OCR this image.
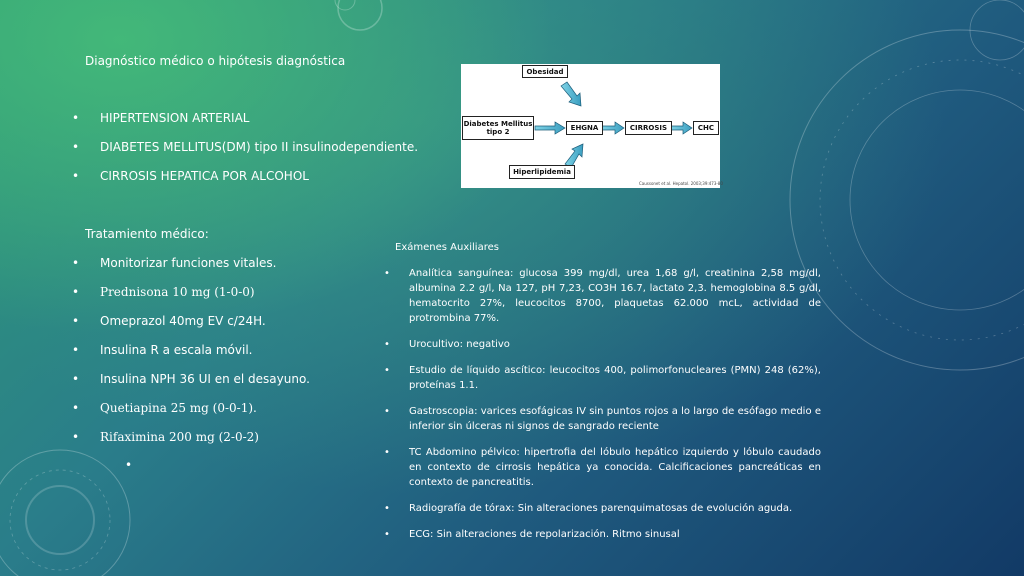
Diagnóstico médico o hipótesis diagnóstica
• HIPERTENSION ARTERIAL
• DIABETES MELLITUS(DM) tipo II insulinodependiente.
• CIRROSIS HEPATICA POR ALCOHOL
Tratamiento médico:
• Monitorizar funciones vitales.
• Prednisona 10 mg (1-0-0)
• Omeprazol 40mg EV c/24H.
• Insulina R a escala móvil.
• Insulina NPH 36 UI en el desayuno.
• Quetiapina 25 mg (0-0-1).
• Rifaximina 200 mg (2-0-2)
•
Obesidad
Diabetes Mellitus tipo 2	EHGNA	CIRROSIS	CHC
Hiperlipidemia
Caussonet et al. Hepatol. 2003;39:473-80
Exámenes Auxiliares
• Analítica sanguínea: glucosa 399 mg/dl, urea 1,68 g/l, creatinina 2,58 mg/dl, albumina 2.2 g/l, Na 127, pH 7,23, CO3H 16.7, lactato 2,3. hemoglobina 8.5 g/dl, hematocrito 27%, leucocitos 8700, plaquetas 62.000 mcL, actividad de protrombina 77%.
• Urocultivo: negativo
• Estudio de líquido ascítico: leucocitos 400, polimorfonucleares (PMN) 248 (62%), proteínas 1.1.
• Gastroscopia: varices esofágicas IV sin puntos rojos a lo largo de esófago medio e inferior sin úlceras ni signos de sangrado reciente
• TC Abdomino pélvico: hipertrofia del lóbulo hepático izquierdo y lóbulo caudado en contexto de cirrosis hepática ya conocida. Calcificaciones pancreáticas en contexto de pancreatitis.
• Radiografía de tórax: Sin alteraciones parenquimatosas de evolución aguda.
• ECG: Sin alteraciones de repolarización. Ritmo sinusal
